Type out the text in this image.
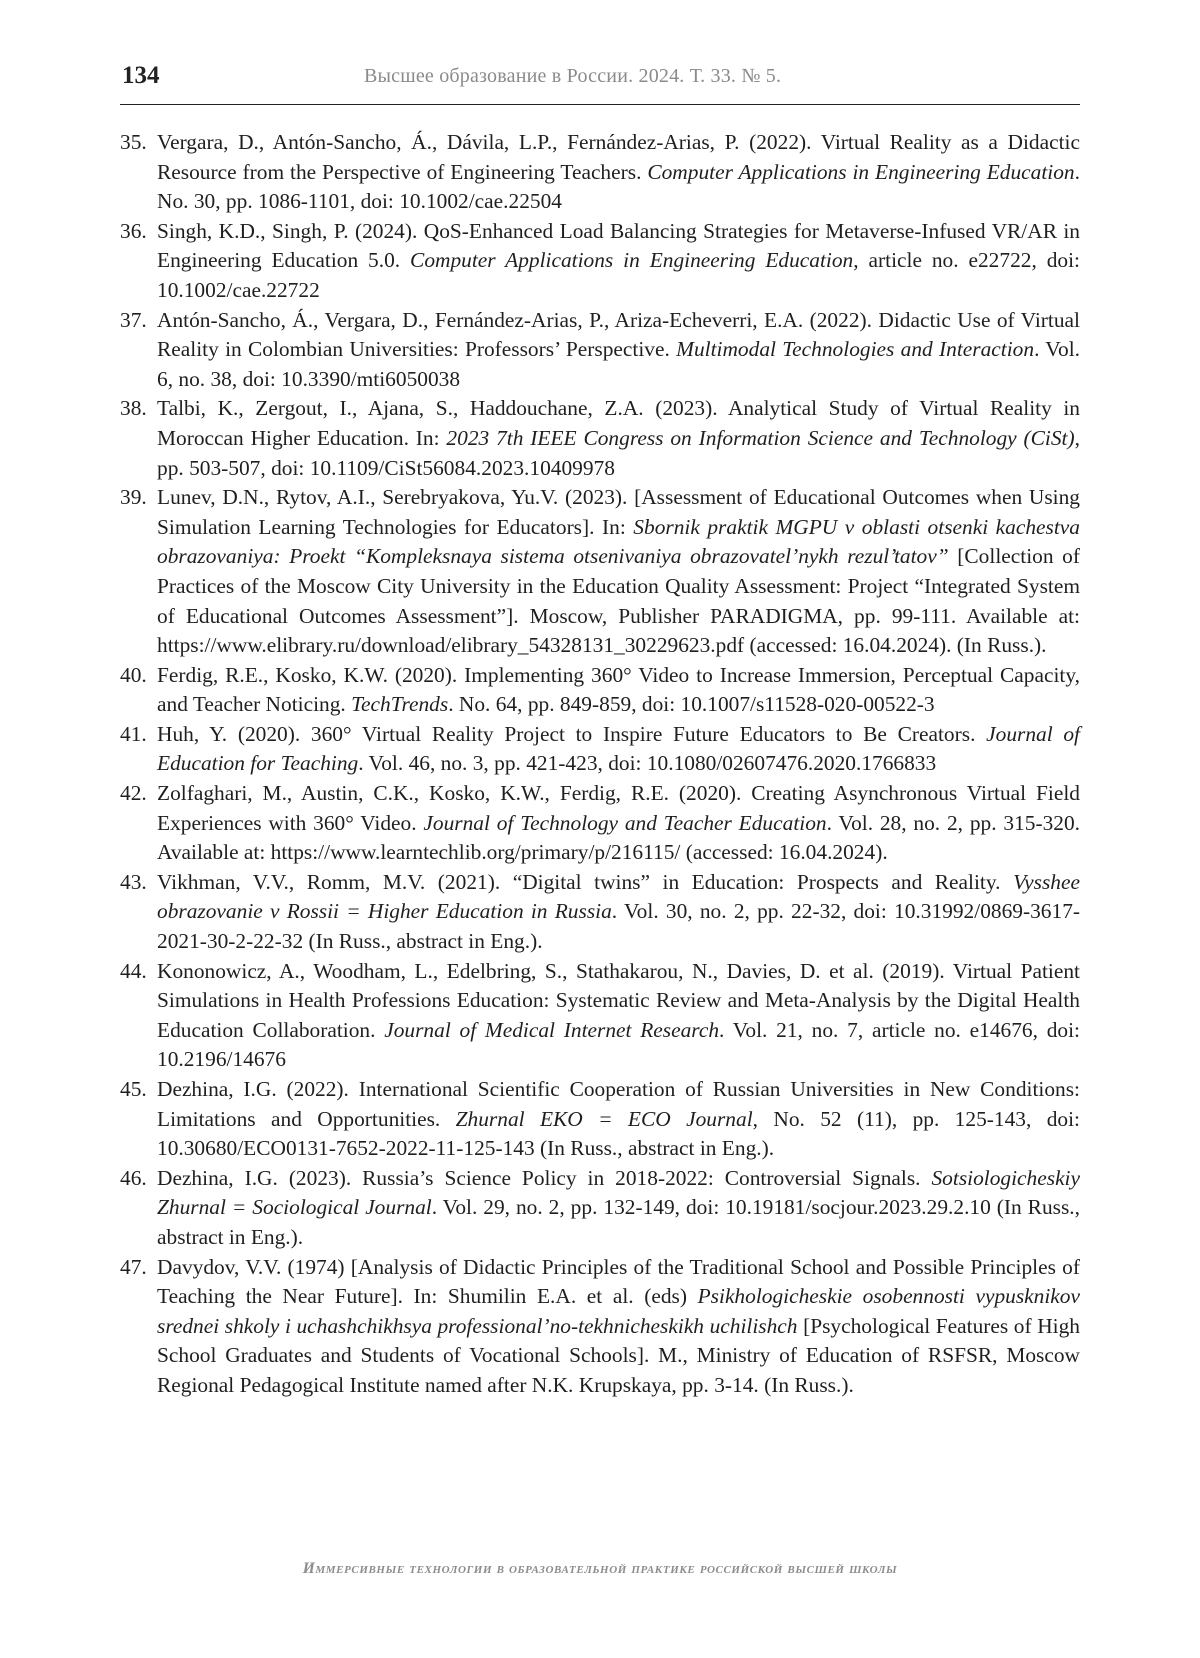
134	Высшее образование в России. 2024. Т. 33. № 5.
35. Vergara, D., Antón-Sancho, Á., Dávila, L.P., Fernández-Arias, P. (2022). Virtual Reality as a Didactic Resource from the Perspective of Engineering Teachers. Computer Applications in Engineering Education. No. 30, pp. 1086-1101, doi: 10.1002/cae.22504
36. Singh, K.D., Singh, P. (2024). QoS-Enhanced Load Balancing Strategies for Metaverse-Infused VR/AR in Engineering Education 5.0. Computer Applications in Engineering Education, article no. e22722, doi: 10.1002/cae.22722
37. Antón-Sancho, Á., Vergara, D., Fernández-Arias, P., Ariza-Echeverri, E.A. (2022). Didactic Use of Virtual Reality in Colombian Universities: Professors’ Perspective. Multimodal Technologies and Interaction. Vol. 6, no. 38, doi: 10.3390/mti6050038
38. Talbi, K., Zergout, I., Ajana, S., Haddouchane, Z.A. (2023). Analytical Study of Virtual Reality in Moroccan Higher Education. In: 2023 7th IEEE Congress on Information Science and Technology (CiSt), pp. 503-507, doi: 10.1109/CiSt56084.2023.10409978
39. Lunev, D.N., Rytov, A.I., Serebryakova, Yu.V. (2023). [Assessment of Educational Outcomes when Using Simulation Learning Technologies for Educators]. In: Sbornik praktik MGPU v oblasti otsenki kachestva obrazovaniya: Proekt “Kompleksnaya sistema otsenivaniya obrazovatel’nykh rezul’tatov” [Collection of Practices of the Moscow City University in the Education Quality Assessment: Project “Integrated System of Educational Outcomes Assessment”]. Moscow, Publisher PARADIGMA, pp. 99-111. Available at: https://www.elibrary.ru/download/elibrary_54328131_30229623.pdf (accessed: 16.04.2024). (In Russ.).
40. Ferdig, R.E., Kosko, K.W. (2020). Implementing 360° Video to Increase Immersion, Perceptual Capacity, and Teacher Noticing. TechTrends. No. 64, pp. 849-859, doi: 10.1007/s11528-020-00522-3
41. Huh, Y. (2020). 360° Virtual Reality Project to Inspire Future Educators to Be Creators. Journal of Education for Teaching. Vol. 46, no. 3, pp. 421-423, doi: 10.1080/02607476.2020.1766833
42. Zolfaghari, M., Austin, C.K., Kosko, K.W., Ferdig, R.E. (2020). Creating Asynchronous Virtual Field Experiences with 360° Video. Journal of Technology and Teacher Education. Vol. 28, no. 2, pp. 315-320. Available at: https://www.learntechlib.org/primary/p/216115/ (accessed: 16.04.2024).
43. Vikhman, V.V., Romm, M.V. (2021). “Digital twins” in Education: Prospects and Reality. Vysshee obrazovanie v Rossii = Higher Education in Russia. Vol. 30, no. 2, pp. 22-32, doi: 10.31992/0869-3617-2021-30-2-22-32 (In Russ., abstract in Eng.).
44. Kononowicz, A., Woodham, L., Edelbring, S., Stathakarou, N., Davies, D. et al. (2019). Virtual Patient Simulations in Health Professions Education: Systematic Review and Meta-Analysis by the Digital Health Education Collaboration. Journal of Medical Internet Research. Vol. 21, no. 7, article no. e14676, doi: 10.2196/14676
45. Dezhina, I.G. (2022). International Scientific Cooperation of Russian Universities in New Conditions: Limitations and Opportunities. Zhurnal EKO = ECO Journal, No. 52 (11), pp. 125-143, doi: 10.30680/ECO0131-7652-2022-11-125-143 (In Russ., abstract in Eng.).
46. Dezhina, I.G. (2023). Russia’s Science Policy in 2018-2022: Controversial Signals. Sotsiologicheskiy Zhurnal = Sociological Journal. Vol. 29, no. 2, pp. 132-149, doi: 10.19181/socjour.2023.29.2.10 (In Russ., abstract in Eng.).
47. Davydov, V.V. (1974) [Analysis of Didactic Principles of the Traditional School and Possible Principles of Teaching the Near Future]. In: Shumilin E.A. et al. (eds) Psikhologicheskie osobennosti vypusknikov srednei shkoly i uchashchikhsya professional’no-tekhnicheskikh uchilishch [Psychological Features of High School Graduates and Students of Vocational Schools]. M., Ministry of Education of RSFSR, Moscow Regional Pedagogical Institute named after N.K. Krupskaya, pp. 3-14. (In Russ.).
Иммерсивные технологии в образовательной практике российской высшей школы
